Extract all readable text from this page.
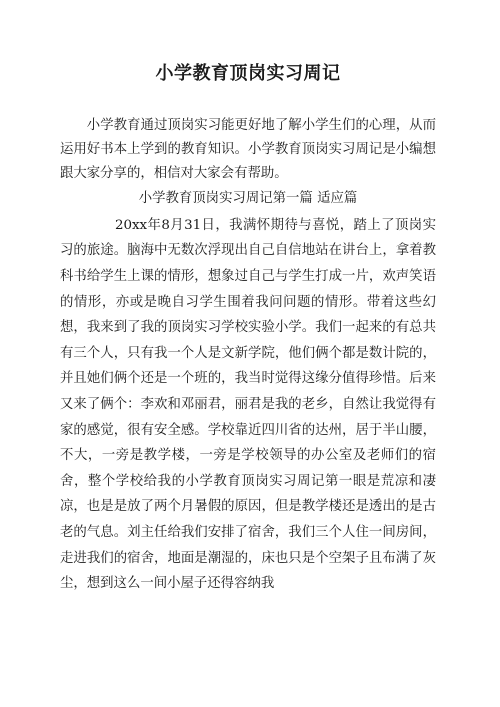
小学教育顶岗实习周记

小学教育通过顶岗实习能更好地了解小学生们的心理，从而运用好书本上学到的教育知识。小学教育顶岗实习周记是小编想跟大家分享的，相信对大家会有帮助。

小学教育顶岗实习周记第一篇 适应篇

20xx年8月31日，我满怀期待与喜悦，踏上了顶岗实习的旅途。脑海中无数次浮现出自己自信地站在讲台上，拿着教科书给学生上课的情形，想象过自己与学生打成一片，欢声笑语的情形，亦或是晚自习学生围着我问问题的情形。带着这些幻想，我来到了我的顶岗实习学校实验小学。我们一起来的有总共有三个人，只有我一个人是文新学院，他们俩个都是数计院的，并且她们俩个还是一个班的，我当时觉得这缘分值得珍惜。后来又来了俩个：李欢和邓丽君，丽君是我的老乡，自然让我觉得有家的感觉，很有安全感。学校靠近四川省的达州，居于半山腰，不大，一旁是教学楼，一旁是学校领导的办公室及老师们的宿舍，整个学校给我的小学教育顶岗实习周记第一眼是荒凉和凄凉，也是是放了两个月暑假的原因，但是教学楼还是透出的是古老的气息。刘主任给我们安排了宿舍，我们三个人住一间房间，走进我们的宿舍，地面是潮湿的，床也只是个空架子且布满了灰尘，想到这么一间小屋子还得容纳我
